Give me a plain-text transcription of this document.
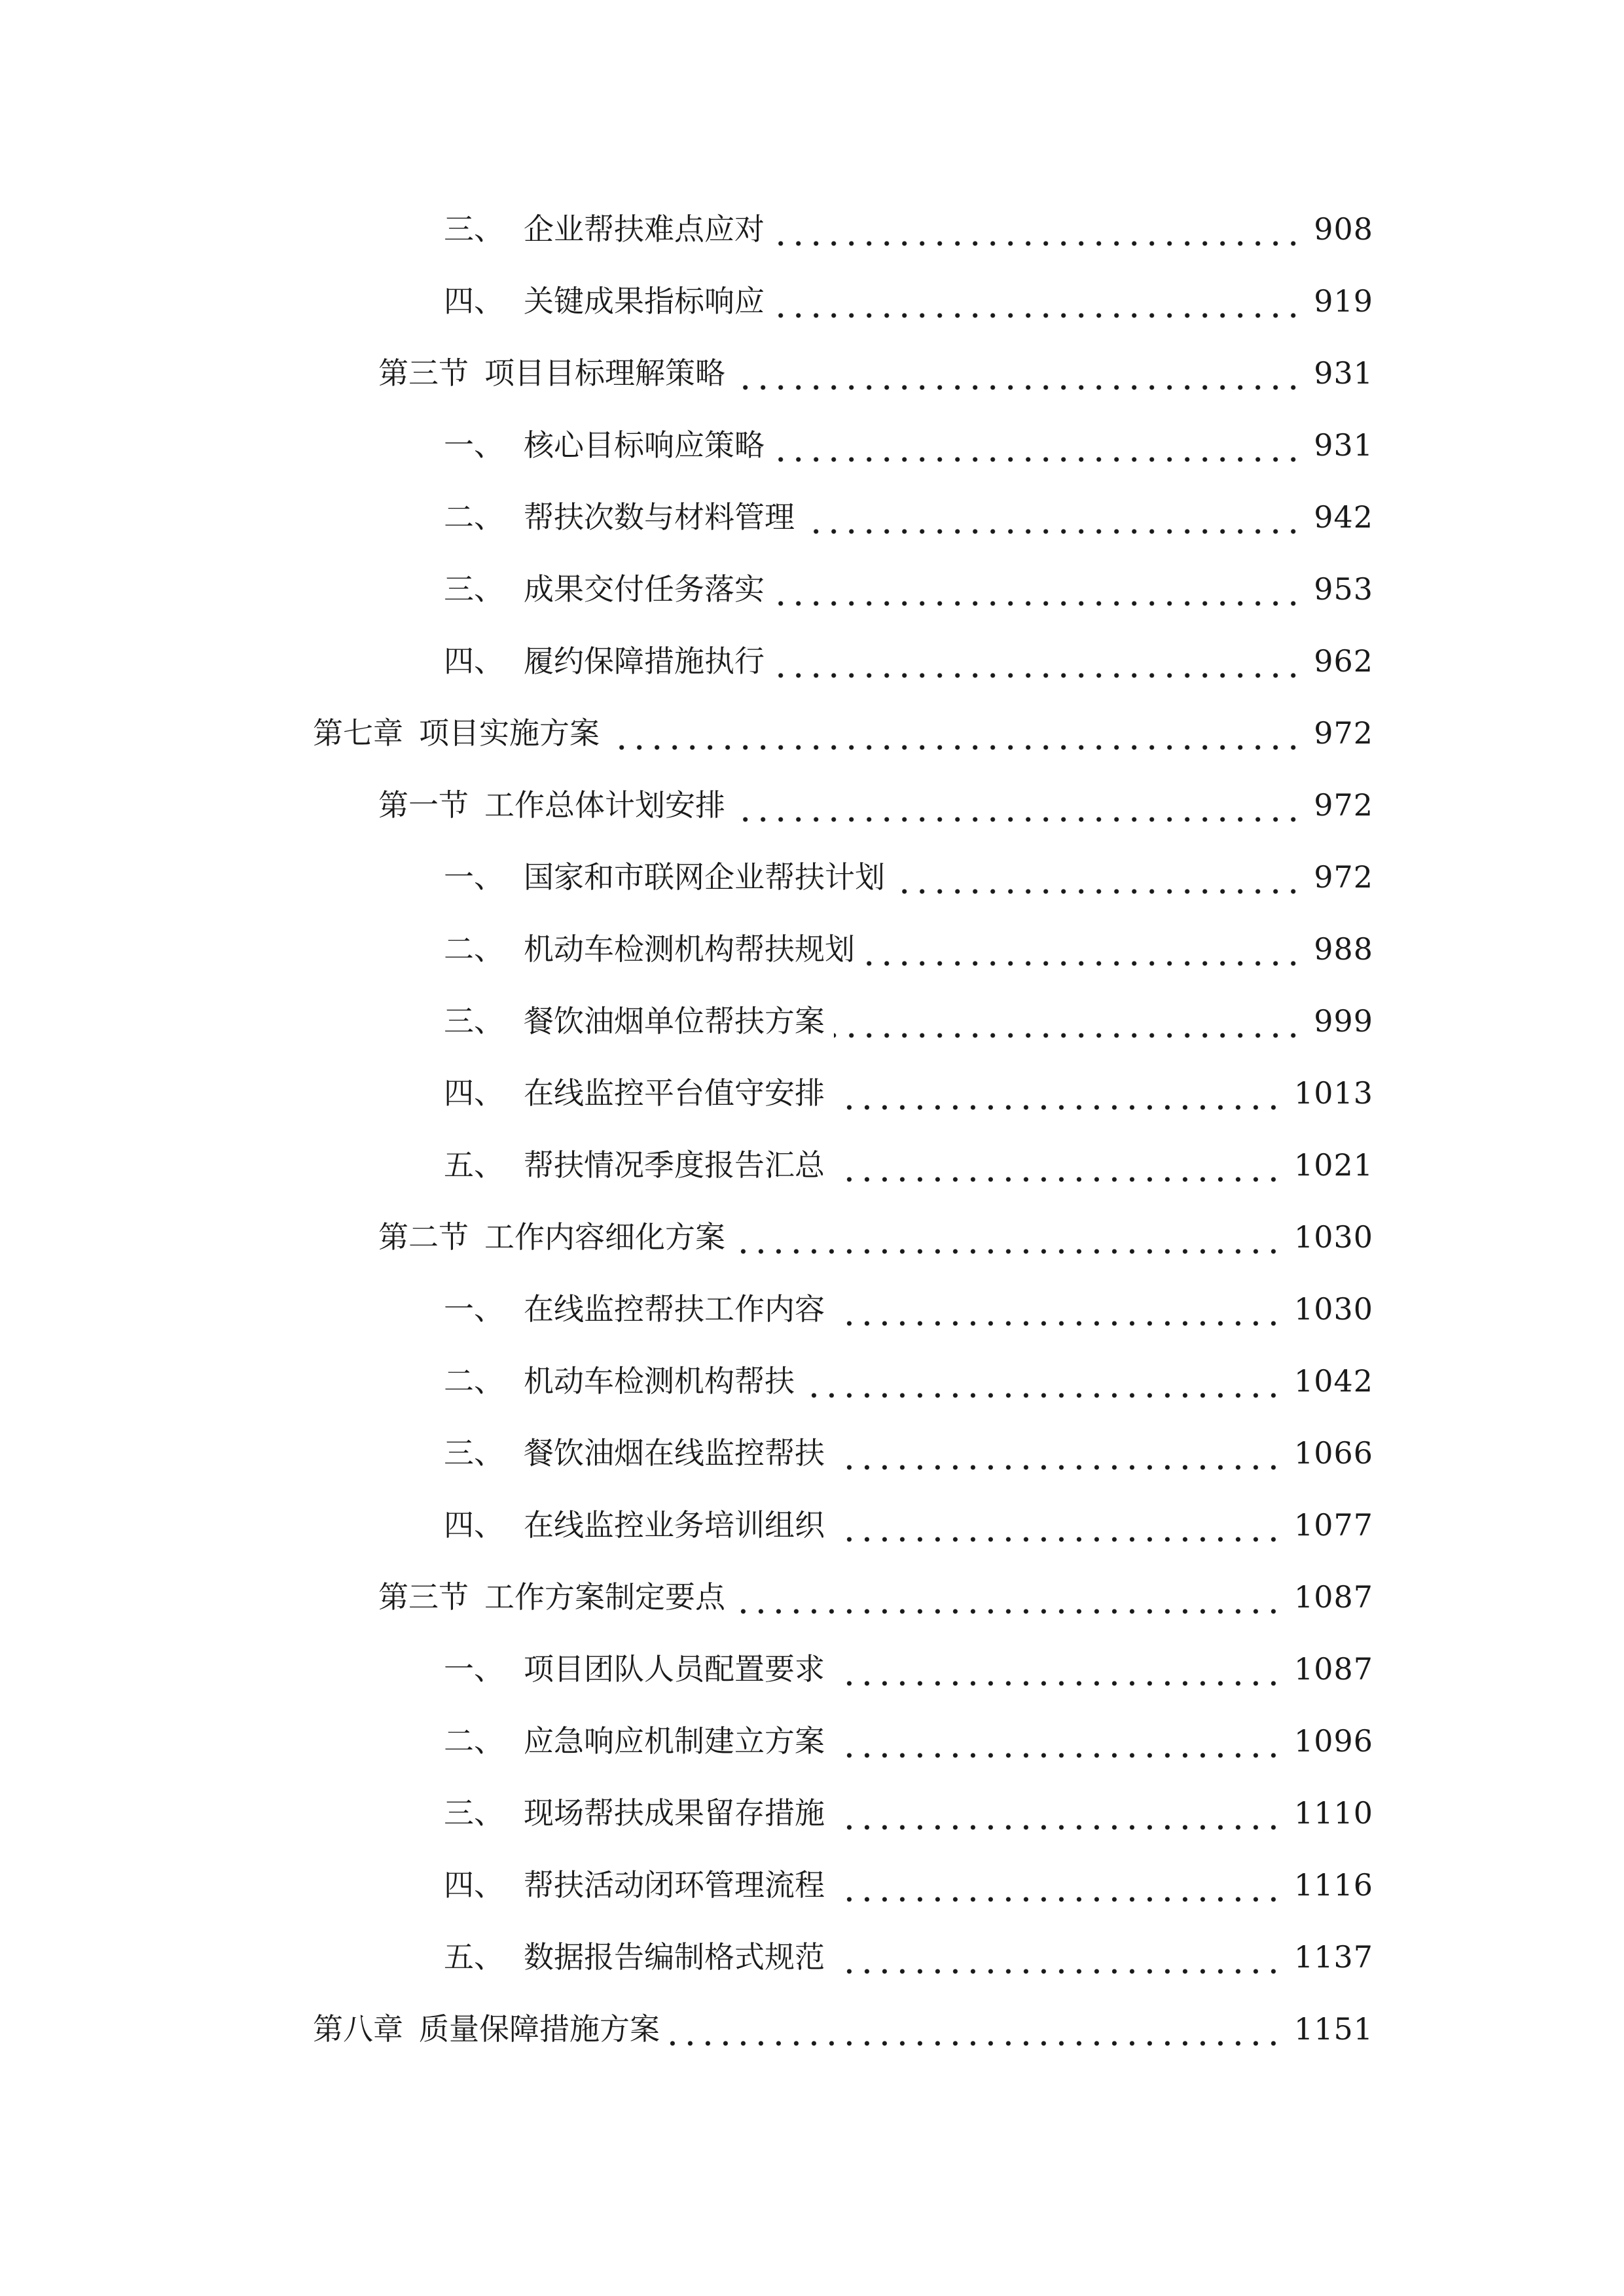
三、 企业帮扶难点应对	908
四、 关键成果指标响应	919
第三节 项目目标理解策略	931
一、 核心目标响应策略	931
二、 帮扶次数与材料管理	942
三、 成果交付任务落实	953
四、 履约保障措施执行	962
第七章 项目实施方案	972
第一节 工作总体计划安排	972
一、 国家和市联网企业帮扶计划	972
二、 机动车检测机构帮扶规划	988
三、 餐饮油烟单位帮扶方案	999
四、 在线监控平台值守安排	1013
五、 帮扶情况季度报告汇总	1021
第二节 工作内容细化方案	1030
一、 在线监控帮扶工作内容	1030
二、 机动车检测机构帮扶	1042
三、 餐饮油烟在线监控帮扶	1066
四、 在线监控业务培训组织	1077
第三节 工作方案制定要点	1087
一、 项目团队人员配置要求	1087
二、 应急响应机制建立方案	1096
三、 现场帮扶成果留存措施	1110
四、 帮扶活动闭环管理流程	1116
五、 数据报告编制格式规范	1137
第八章 质量保障措施方案	1151
